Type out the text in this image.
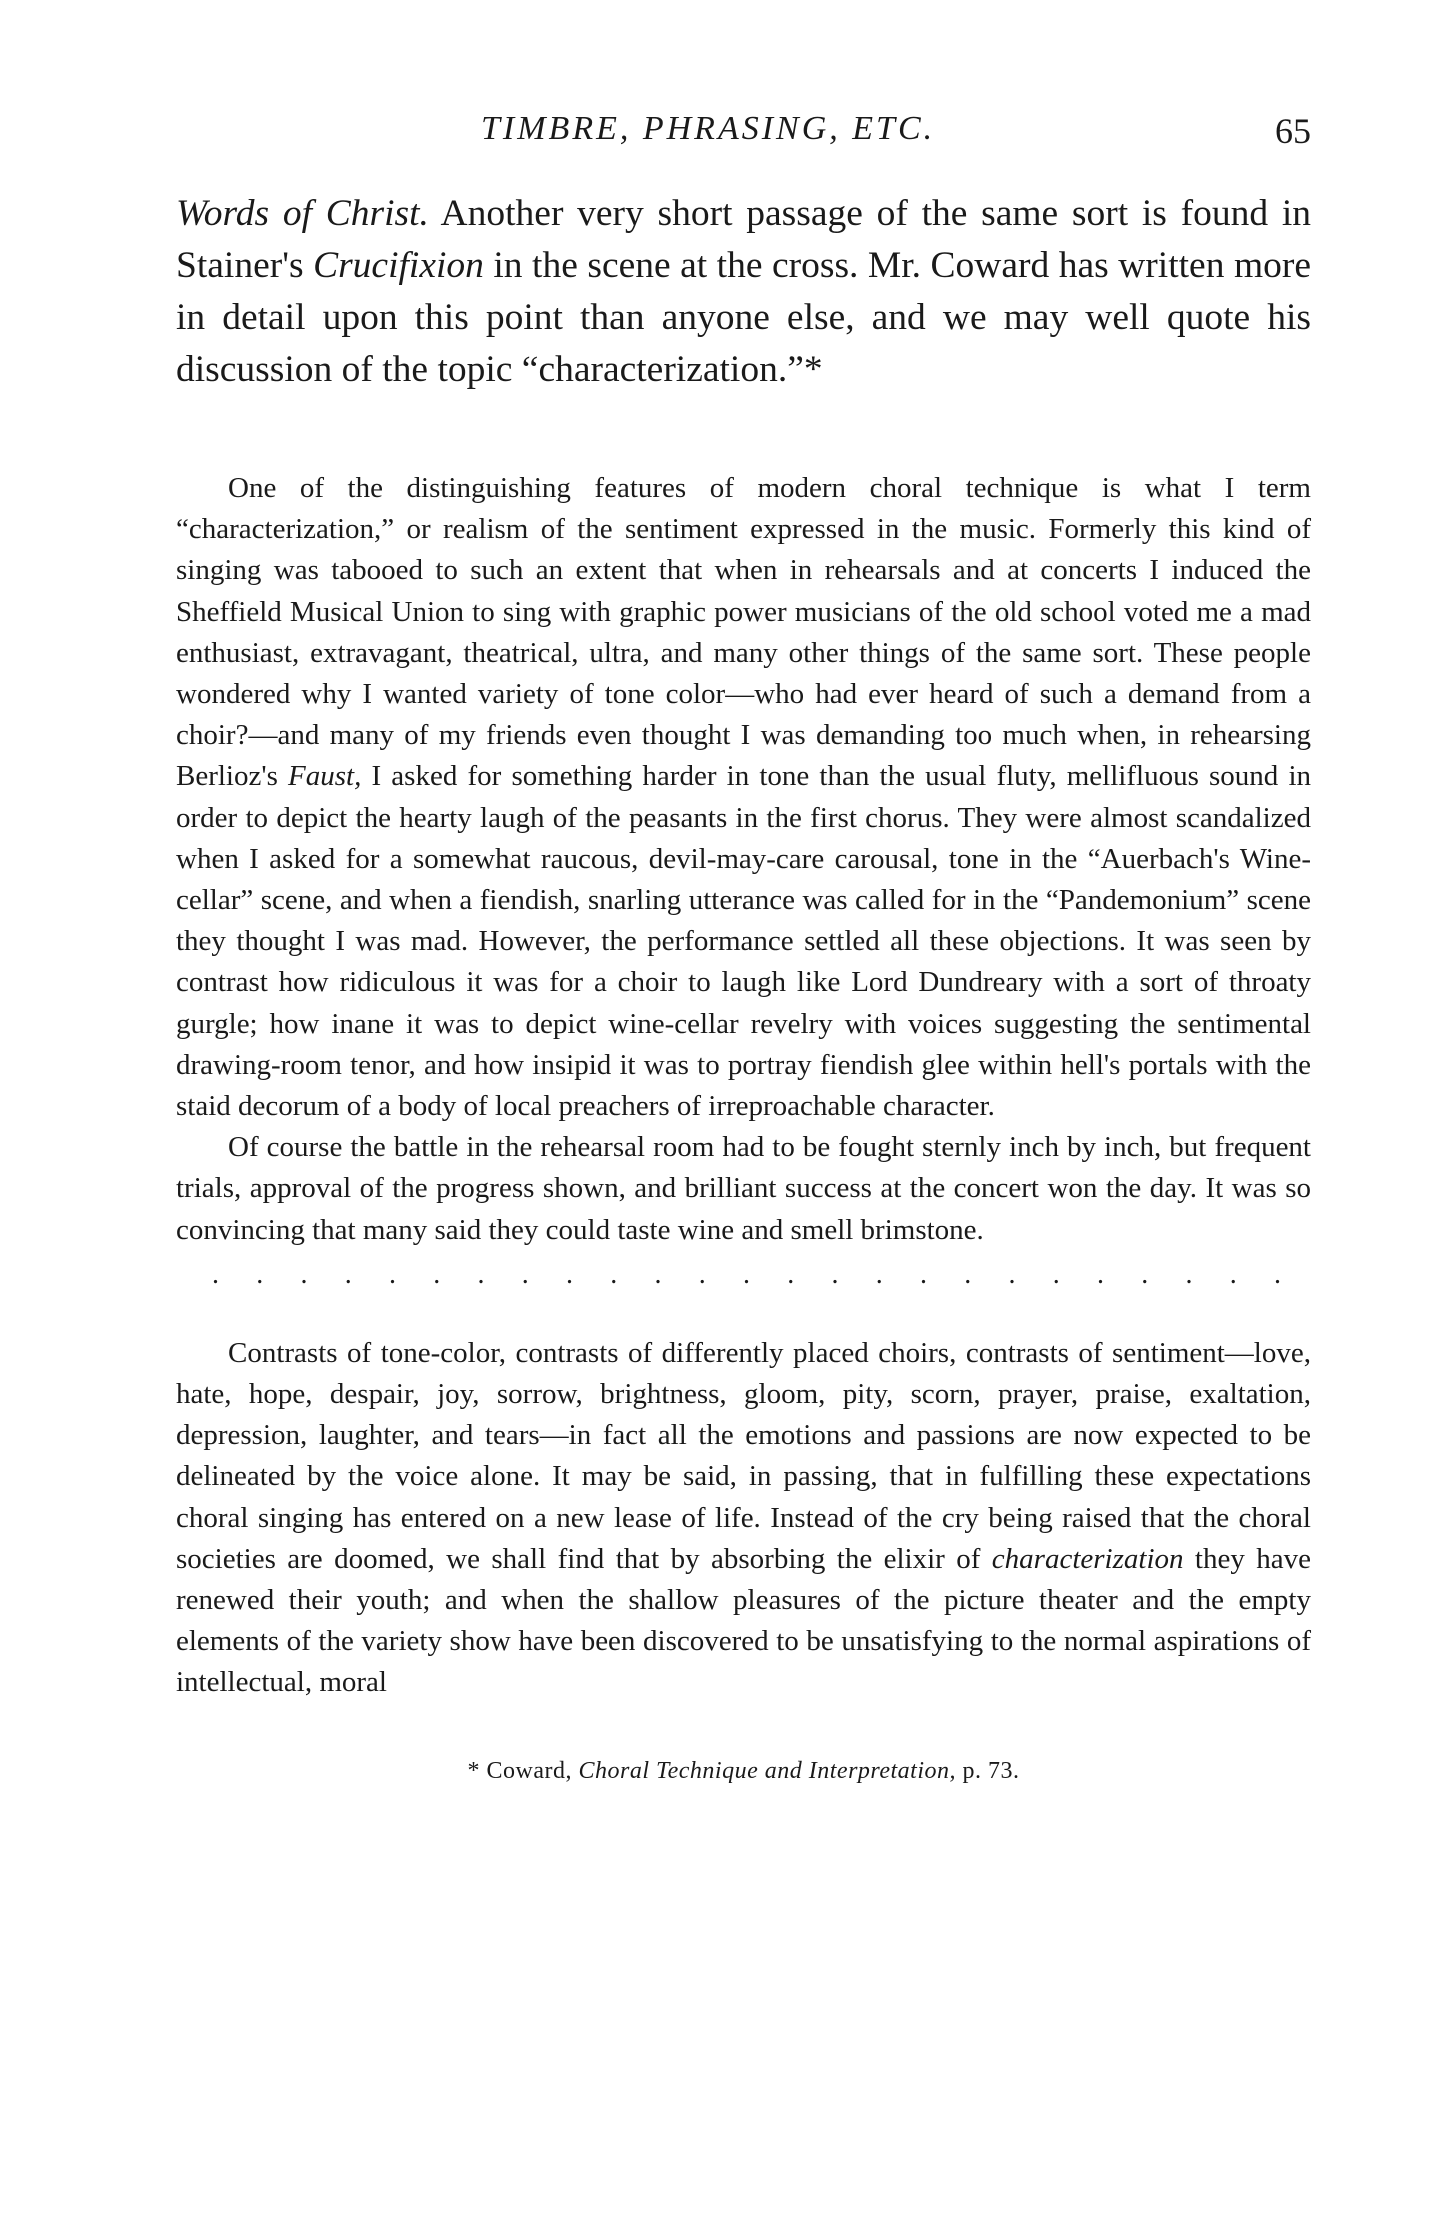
TIMBRE, PHRASING, ETC.	65

Words of Christ. Another very short passage of the same sort is found in Stainer's Crucifixion in the scene at the cross. Mr. Coward has written more in detail upon this point than anyone else, and we may well quote his discussion of the topic “characterization.”*

One of the distinguishing features of modern choral technique is what I term “characterization,” or realism of the sentiment expressed in the music. Formerly this kind of singing was tabooed to such an extent that when in rehearsals and at concerts I induced the Sheffield Musical Union to sing with graphic power musicians of the old school voted me a mad enthusiast, extravagant, theatrical, ultra, and many other things of the same sort. These people wondered why I wanted variety of tone color—who had ever heard of such a demand from a choir?—and many of my friends even thought I was demanding too much when, in rehearsing Berlioz's Faust, I asked for something harder in tone than the usual fluty, mellifluous sound in order to depict the hearty laugh of the peasants in the first chorus. They were almost scandalized when I asked for a somewhat raucous, devil-may-care carousal, tone in the “Auerbach's Wine-cellar” scene, and when a fiendish, snarling utterance was called for in the “Pandemonium” scene they thought I was mad. However, the performance settled all these objections. It was seen by contrast how ridiculous it was for a choir to laugh like Lord Dundreary with a sort of throaty gurgle; how inane it was to depict wine-cellar revelry with voices suggesting the sentimental drawing-room tenor, and how insipid it was to portray fiendish glee within hell's portals with the staid decorum of a body of local preachers of irreproachable character.

Of course the battle in the rehearsal room had to be fought sternly inch by inch, but frequent trials, approval of the progress shown, and brilliant success at the concert won the day. It was so convincing that many said they could taste wine and smell brimstone.

. . . . . . . . . . . . . . . . . . . . . . . . .

Contrasts of tone-color, contrasts of differently placed choirs, contrasts of sentiment—love, hate, hope, despair, joy, sorrow, brightness, gloom, pity, scorn, prayer, praise, exaltation, depression, laughter, and tears—in fact all the emotions and passions are now expected to be delineated by the voice alone. It may be said, in passing, that in fulfilling these expectations choral singing has entered on a new lease of life. Instead of the cry being raised that the choral societies are doomed, we shall find that by absorbing the elixir of characterization they have renewed their youth; and when the shallow pleasures of the picture theater and the empty elements of the variety show have been discovered to be unsatisfying to the normal aspirations of intellectual, moral

* Coward, Choral Technique and Interpretation, p. 73.
